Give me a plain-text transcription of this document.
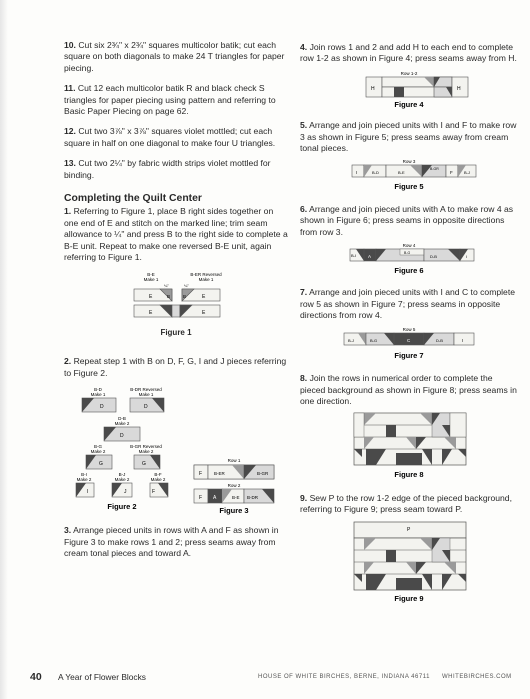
10. Cut six 2¾" x 2¾" squares multicolor batik; cut each square on both diagonals to make 24 T triangles for paper piecing.

11. Cut 12 each multicolor batik R and black check S triangles for paper piecing using pattern and referring to Basic Paper Piecing on page 62.

12. Cut two 3⅞" x 3⅞" squares violet mottled; cut each square in half on one diagonal to make four U triangles.

13. Cut two 2¼" by fabric width strips violet mottled for binding.

Completing the Quilt Center

1. Referring to Figure 1, place B right sides together on one end of E and stitch on the marked line; trim seam allowance to ¼" and press B to the right side to complete a B-E unit. Repeat to make one reversed B-E unit, again referring to Figure 1.

B-E
Make 1
B-ER Reversed
Make 1
¼"	¼"
E	B	B	E
E	E
Figure 1

2. Repeat step 1 with B on D, F, G, I and J pieces referring to Figure 2.

B-D
Make 1
B-DR Reversed
Make 1
D	D
D-B
Make 2
D
B-G
Make 2
B-GR Reversed
Make 2
G	G
B-I
Make 2
B-J
Make 2
B-F
Make 2
I	J	F
Figure 2
Row 1
F	B-ER	B-GR
Row 2
F A	B-E B-DR
Figure 3

3. Arrange pieced units in rows with A and F as shown in Figure 3 to make rows 1 and 2; press seams away from cream tonal pieces and toward A.

4. Join rows 1 and 2 and add H to each end to complete row 1-2 as shown in Figure 4; press seams away from H.

Row 1-2
H	H
Figure 4

5. Arrange and join pieced units with I and F to make row 3 as shown in Figure 5; press seams away from cream tonal pieces.

Row 3
I	B-D	B-E
B-GR
F	B-J
Figure 5

6. Arrange and join pieced units with A to make row 4 as shown in Figure 6; press seams in opposite directions from row 3.

Row 4
B-I	A
B-G
D-B	I
Figure 6

7. Arrange and join pieced units with I and C to complete row 5 as shown in Figure 7; press seams in opposite directions from row 4.

Row 5
B-J	B-G	C	D-B	I
Figure 7

8. Join the rows in numerical order to complete the pieced background as shown in Figure 8; press seams in one direction.

Figure 8

9. Sew P to the row 1-2 edge of the pieced background, referring to Figure 9; press seam toward P.

P
Figure 9
40 A Year of Flower Blocks	HOUSE OF WHITE BIRCHES, BERNE, INDIANA 46711 WHITEBIRCHES.COM
